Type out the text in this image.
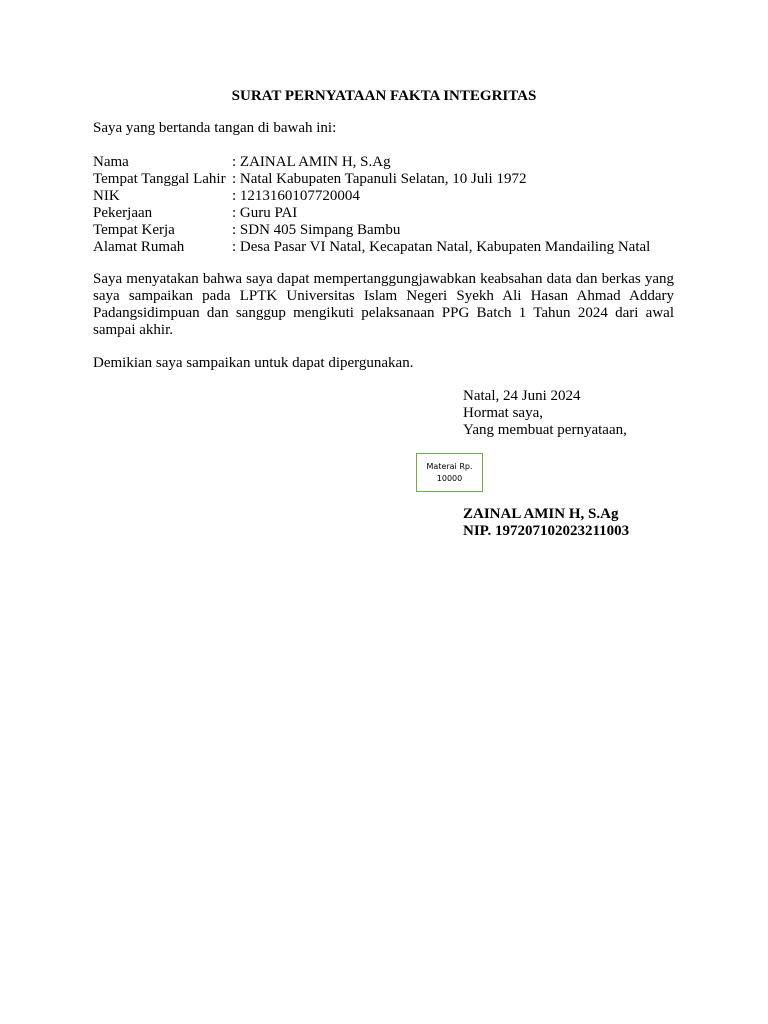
SURAT PERNYATAAN FAKTA INTEGRITAS
Saya yang bertanda tangan di bawah ini:
Nama	: ZAINAL AMIN H, S.Ag
Tempat Tanggal Lahir : Natal Kabupaten Tapanuli Selatan, 10 Juli 1972
NIK	: 1213160107720004
Pekerjaan	: Guru PAI
Tempat Kerja	: SDN 405 Simpang Bambu
Alamat Rumah	: Desa Pasar VI Natal, Kecapatan Natal, Kabupaten Mandailing Natal
Saya menyatakan bahwa saya dapat mempertanggungjawabkan keabsahan data dan berkas yang saya sampaikan pada LPTK Universitas Islam Negeri Syekh Ali Hasan Ahmad Addary Padangsidimpuan dan sanggup mengikuti pelaksanaan PPG Batch 1 Tahun 2024 dari awal sampai akhir.
Demikian saya sampaikan untuk dapat dipergunakan.
Natal, 24 Juni 2024
Hormat saya,
Yang membuat pernyataan,
Materai Rp.
10000
ZAINAL AMIN H, S.Ag
NIP. 197207102023211003
